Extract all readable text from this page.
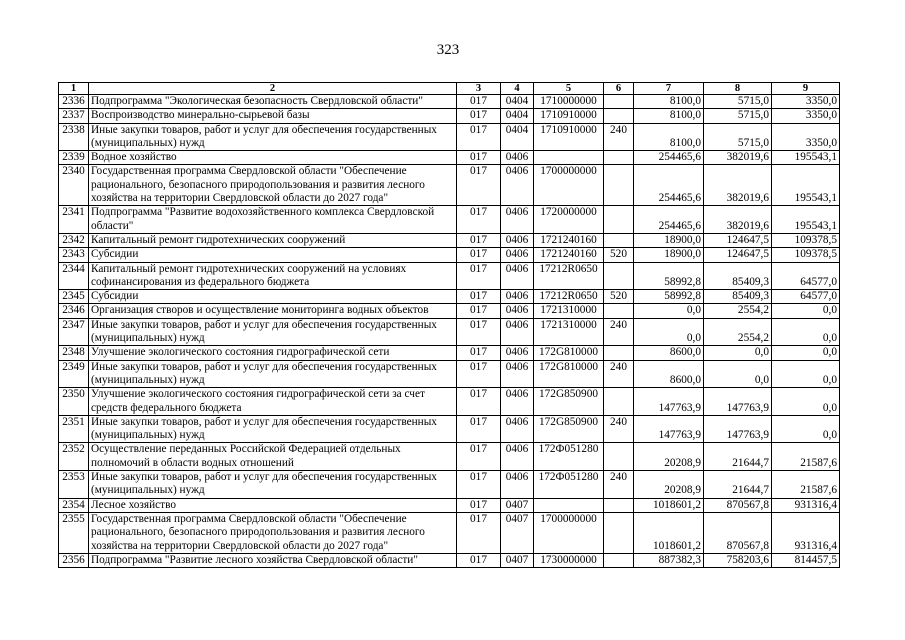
323
1	2	3	4	5	6	7	8	9
2336	Подпрограмма "Экологическая безопасность Свердловской области"	017	0404	1710000000		8100,0	5715,0	3350,0
2337	Воспроизводство минерально-сырьевой базы	017	0404	1710910000		8100,0	5715,0	3350,0
2338	Иные закупки товаров, работ и услуг для обеспечения государственных
(муниципальных) нужд	017	0404	1710910000	240	8100,0	5715,0	3350,0
2339	Водное хозяйство	017	0406			254465,6	382019,6	195543,1
2340	Государственная программа Свердловской области "Обеспечение
рационального, безопасного природопользования и развития лесного
хозяйства на территории Свердловской области до 2027 года"	017	0406	1700000000		254465,6	382019,6	195543,1
2341	Подпрограмма "Развитие водохозяйственного комплекса Свердловской
области"	017	0406	1720000000		254465,6	382019,6	195543,1
2342	Капитальный ремонт гидротехнических сооружений	017	0406	1721240160		18900,0	124647,5	109378,5
2343	Субсидии	017	0406	1721240160	520	18900,0	124647,5	109378,5
2344	Капитальный ремонт гидротехнических сооружений на условиях
софинансирования из федерального бюджета	017	0406	17212R0650		58992,8	85409,3	64577,0
2345	Субсидии	017	0406	17212R0650	520	58992,8	85409,3	64577,0
2346	Организация створов и осуществление мониторинга водных объектов	017	0406	1721310000		0,0	2554,2	0,0
2347	Иные закупки товаров, работ и услуг для обеспечения государственных
(муниципальных) нужд	017	0406	1721310000	240	0,0	2554,2	0,0
2348	Улучшение экологического состояния гидрографической сети	017	0406	172G810000		8600,0	0,0	0,0
2349	Иные закупки товаров, работ и услуг для обеспечения государственных
(муниципальных) нужд	017	0406	172G810000	240	8600,0	0,0	0,0
2350	Улучшение экологического состояния гидрографической сети за счет
средств федерального бюджета	017	0406	172G850900		147763,9	147763,9	0,0
2351	Иные закупки товаров, работ и услуг для обеспечения государственных
(муниципальных) нужд	017	0406	172G850900	240	147763,9	147763,9	0,0
2352	Осуществление переданных Российской Федерацией отдельных
полномочий в области водных отношений	017	0406	172Ф051280		20208,9	21644,7	21587,6
2353	Иные закупки товаров, работ и услуг для обеспечения государственных
(муниципальных) нужд	017	0406	172Ф051280	240	20208,9	21644,7	21587,6
2354	Лесное хозяйство	017	0407			1018601,2	870567,8	931316,4
2355	Государственная программа Свердловской области "Обеспечение
рационального, безопасного природопользования и развития лесного
хозяйства на территории Свердловской области до 2027 года"	017	0407	1700000000		1018601,2	870567,8	931316,4
2356	Подпрограмма "Развитие лесного хозяйства Свердловской области"	017	0407	1730000000		887382,3	758203,6	814457,5
